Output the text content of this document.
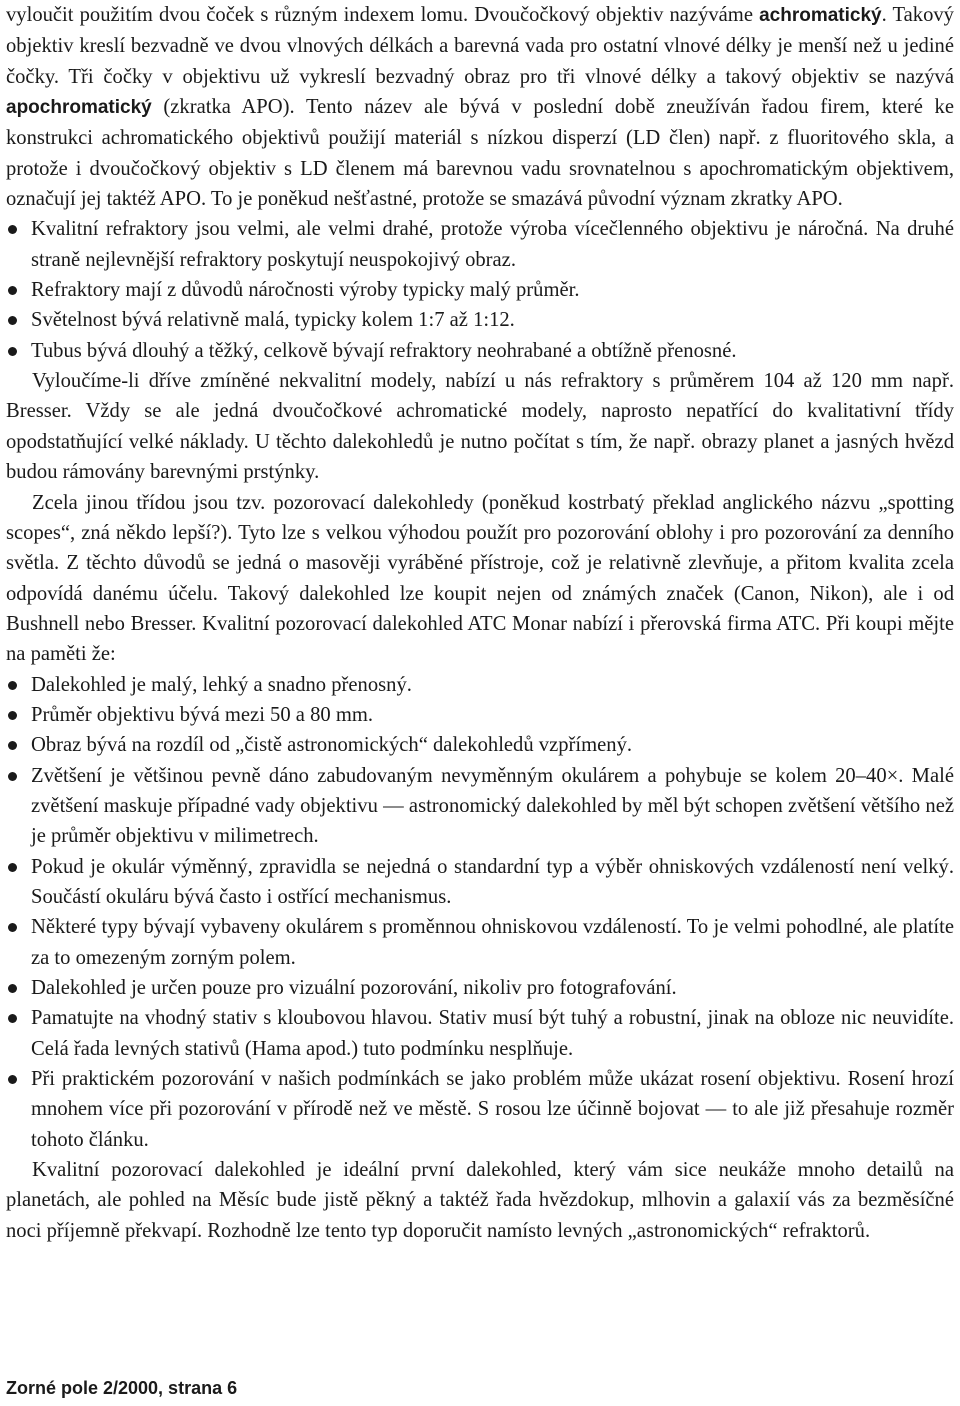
vyloučit použitím dvou čoček s různým indexem lomu. Dvoučočkový objektiv nazýváme achromatický. Takový objektiv kreslí bezvadně ve dvou vlnových délkách a barevná vada pro ostatní vlnové délky je menší než u jediné čočky. Tři čočky v objektivu už vykreslí bezvadný obraz pro tři vlnové délky a takový objektiv se nazývá apochromatický (zkratka APO). Tento název ale bývá v poslední době zneužíván řadou firem, které ke konstrukci achromatického objektivů použijí materiál s nízkou disperzí (LD člen) např. z fluoritového skla, a protože i dvoučočkový objektiv s LD členem má barevnou vadu srovnatelnou s apochromatickým objektivem, označují jej taktéž APO. To je poněkud nešťastné, protože se smazává původní význam zkratky APO.

Kvalitní refraktory jsou velmi, ale velmi drahé, protože výroba vícečlenného objektivu je náročná. Na druhé straně nejlevnější refraktory poskytují neuspokojivý obraz.
Refraktory mají z důvodů náročnosti výroby typicky malý průměr.
Světelnost bývá relativně malá, typicky kolem 1:7 až 1:12.
Tubus bývá dlouhý a těžký, celkově bývají refraktory neohrabané a obtížně přenosné.

Vyloučíme-li dříve zmíněné nekvalitní modely, nabízí u nás refraktory s průměrem 104 až 120 mm např. Bresser. Vždy se ale jedná dvoučočkové achromatické modely, naprosto nepatřící do kvalitativní třídy opodstatňující velké náklady. U těchto dalekohledů je nutno počítat s tím, že např. obrazy planet a jasných hvězd budou rámovány barevnými prstýnky.

Zcela jinou třídou jsou tzv. pozorovací dalekohledy (poněkud kostrbatý překlad anglického názvu „spotting scopes“, zná někdo lepší?). Tyto lze s velkou výhodou použít pro pozorování oblohy i pro pozorování za denního světla. Z těchto důvodů se jedná o masověji vyráběné přístroje, což je relativně zlevňuje, a přitom kvalita zcela odpovídá danému účelu. Takový dalekohled lze koupit nejen od známých značek (Canon, Nikon), ale i od Bushnell nebo Bresser. Kvalitní pozorovací dalekohled ATC Monar nabízí i přerovská firma ATC. Při koupi mějte na paměti že:

Dalekohled je malý, lehký a snadno přenosný.
Průměr objektivu bývá mezi 50 a 80 mm.
Obraz bývá na rozdíl od „čistě astronomických“ dalekohledů vzpřímený.
Zvětšení je většinou pevně dáno zabudovaným nevyměnným okulárem a pohybuje se kolem 20–40×. Malé zvětšení maskuje případné vady objektivu — astronomický dalekohled by měl být schopen zvětšení většího než je průměr objektivu v milimetrech.
Pokud je okulár výměnný, zpravidla se nejedná o standardní typ a výběr ohniskových vzdáleností není velký. Součástí okuláru bývá často i ostřící mechanismus.
Některé typy bývají vybaveny okulárem s proměnnou ohniskovou vzdáleností. To je velmi pohodlné, ale platíte za to omezeným zorným polem.
Dalekohled je určen pouze pro vizuální pozorování, nikoliv pro fotografování.
Pamatujte na vhodný stativ s kloubovou hlavou. Stativ musí být tuhý a robustní, jinak na obloze nic neuvidíte. Celá řada levných stativů (Hama apod.) tuto podmínku nesplňuje.
Při praktickém pozorování v našich podmínkách se jako problém může ukázat rosení objektivu. Rosení hrozí mnohem více při pozorování v přírodě než ve městě. S rosou lze účinně bojovat — to ale již přesahuje rozměr tohoto článku.

Kvalitní pozorovací dalekohled je ideální první dalekohled, který vám sice neukáže mnoho detailů na planetách, ale pohled na Měsíc bude jistě pěkný a taktéž řada hvězdokup, mlhovin a galaxií vás za bezměsíčné noci příjemně překvapí. Rozhodně lze tento typ doporučit namísto levných „astronomických“ refraktorů.

Zorné pole 2/2000, strana 6
